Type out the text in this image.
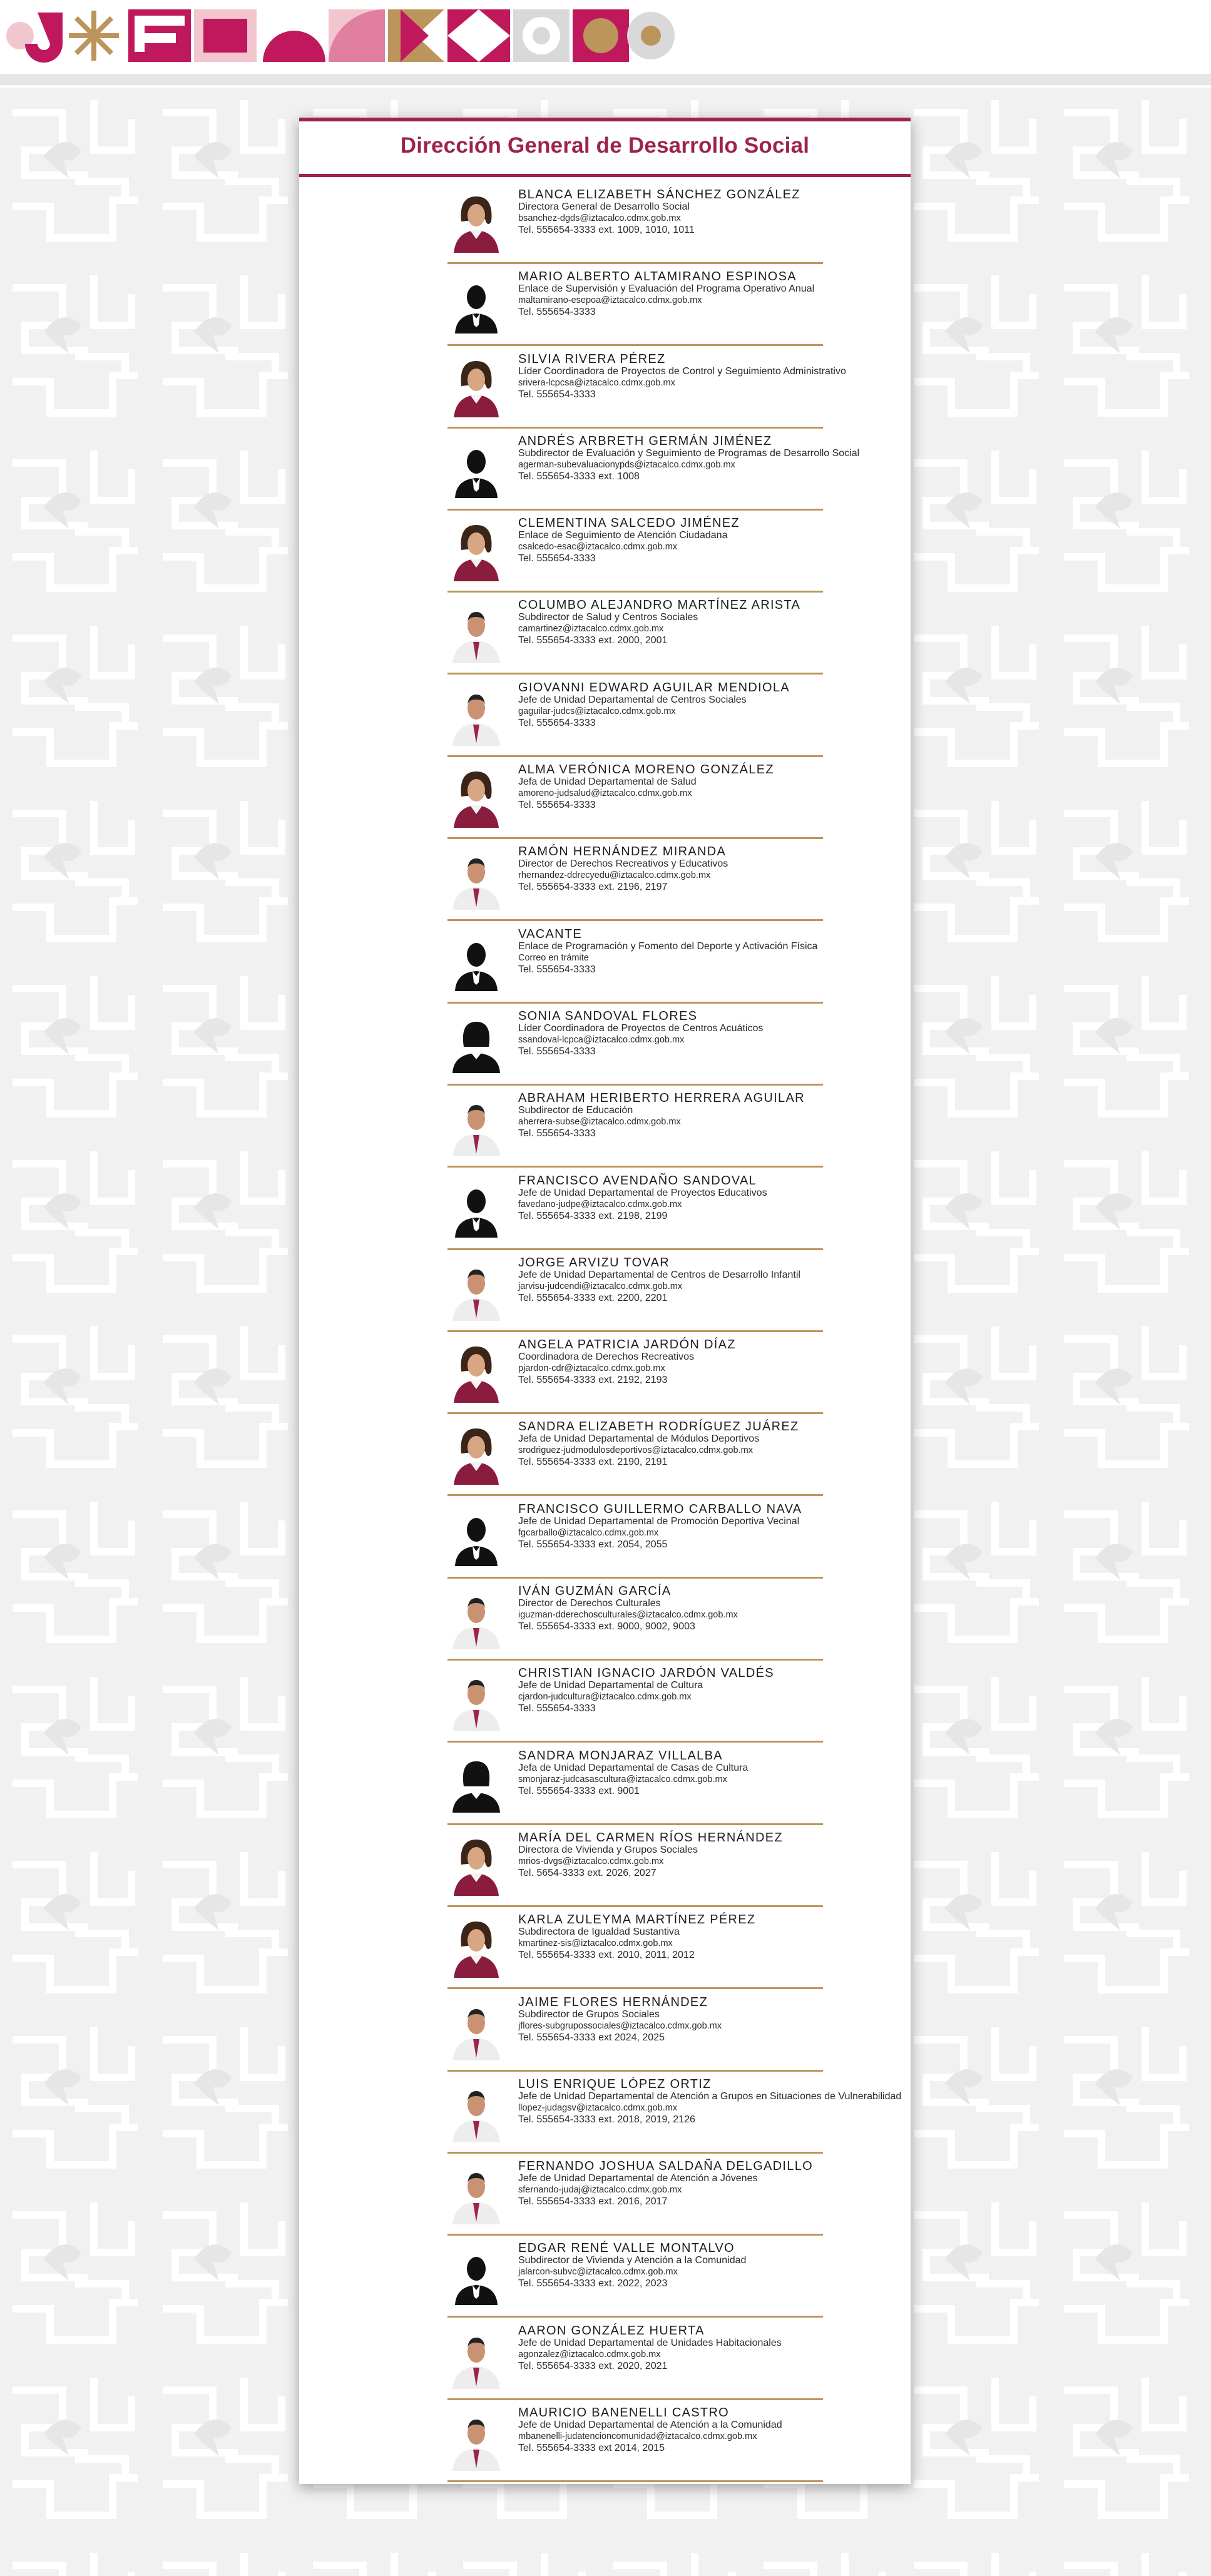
Dirección General de Desarrollo Social
BLANCA ELIZABETH SÁNCHEZ GONZÁLEZ
Directora General de Desarrollo Social
bsanchez-dgds@iztacalco.cdmx.gob.mx
Tel. 555654-3333 ext. 1009, 1010, 1011
MARIO ALBERTO ALTAMIRANO ESPINOSA
Enlace de Supervisión y Evaluación del Programa Operativo Anual
maltamirano-esepoa@iztacalco.cdmx.gob.mx
Tel. 555654-3333
SILVIA RIVERA PÉREZ
Líder Coordinadora de Proyectos de Control y Seguimiento Administrativo
srivera-lcpcsa@iztacalco.cdmx.gob.mx
Tel. 555654-3333
ANDRÉS ARBRETH GERMÁN JIMÉNEZ
Subdirector de Evaluación y Seguimiento de Programas de Desarrollo Social
agerman-subevaluacionypds@iztacalco.cdmx.gob.mx
Tel. 555654-3333 ext. 1008
CLEMENTINA SALCEDO JIMÉNEZ
Enlace de Seguimiento de Atención Ciudadana
csalcedo-esac@iztacalco.cdmx.gob.mx
Tel. 555654-3333
COLUMBO ALEJANDRO MARTÍNEZ ARISTA
Subdirector de Salud y Centros Sociales
camartinez@iztacalco.cdmx.gob.mx
Tel. 555654-3333 ext. 2000, 2001
GIOVANNI EDWARD AGUILAR MENDIOLA
Jefe de Unidad Departamental de Centros Sociales
gaguilar-judcs@iztacalco.cdmx.gob.mx
Tel. 555654-3333
ALMA VERÓNICA MORENO GONZÁLEZ
Jefa de Unidad Departamental de Salud
amoreno-judsalud@iztacalco.cdmx.gob.mx
Tel. 555654-3333
RAMÓN HERNÁNDEZ MIRANDA
Director de Derechos Recreativos y Educativos
rhernandez-ddrecyedu@iztacalco.cdmx.gob.mx
Tel. 555654-3333 ext. 2196, 2197
VACANTE
Enlace de Programación y Fomento del Deporte y Activación Física
Correo en trámite
Tel. 555654-3333
SONIA SANDOVAL FLORES
Líder Coordinadora de Proyectos de Centros Acuáticos
ssandoval-lcpca@iztacalco.cdmx.gob.mx
Tel. 555654-3333
ABRAHAM HERIBERTO HERRERA AGUILAR
Subdirector de Educación
aherrera-subse@iztacalco.cdmx.gob.mx
Tel. 555654-3333
FRANCISCO AVENDAÑO SANDOVAL
Jefe de Unidad Departamental de Proyectos Educativos
favedano-judpe@iztacalco.cdmx.gob.mx
Tel. 555654-3333 ext. 2198, 2199
JORGE ARVIZU TOVAR
Jefe de Unidad Departamental de Centros de Desarrollo Infantil
jarvisu-judcendi@iztacalco.cdmx.gob.mx
Tel. 555654-3333 ext. 2200, 2201
ANGELA PATRICIA JARDÓN DÍAZ
Coordinadora de Derechos Recreativos
pjardon-cdr@iztacalco.cdmx.gob.mx
Tel. 555654-3333 ext. 2192, 2193
SANDRA ELIZABETH RODRÍGUEZ JUÁREZ
Jefa de Unidad Departamental de Módulos Deportivos
srodriguez-judmodulosdeportivos@iztacalco.cdmx.gob.mx
Tel. 555654-3333 ext. 2190, 2191
FRANCISCO GUILLERMO CARBALLO NAVA
Jefe de Unidad Departamental de Promoción Deportiva Vecinal
fgcarballo@iztacalco.cdmx.gob.mx
Tel. 555654-3333 ext. 2054, 2055
IVÁN GUZMÁN GARCÍA
Director de Derechos Culturales
iguzman-dderechosculturales@iztacalco.cdmx.gob.mx
Tel. 555654-3333 ext. 9000, 9002, 9003
CHRISTIAN IGNACIO JARDÓN VALDÉS
Jefe de Unidad Departamental de Cultura
cjardon-judcultura@iztacalco.cdmx.gob.mx
Tel. 555654-3333
SANDRA MONJARAZ VILLALBA
Jefa de Unidad Departamental de Casas de Cultura
smonjaraz-judcasascultura@iztacalco.cdmx.gob.mx
Tel. 555654-3333 ext. 9001
MARÍA DEL CARMEN RÍOS HERNÁNDEZ
Directora de Vivienda y Grupos Sociales
mrios-dvgs@iztacalco.cdmx.gob.mx
Tel. 5654-3333 ext. 2026, 2027
KARLA ZULEYMA MARTÍNEZ PÉREZ
Subdirectora de Igualdad Sustantiva
kmartinez-sis@iztacalco.cdmx.gob.mx
Tel. 555654-3333 ext. 2010, 2011, 2012
JAIME FLORES HERNÁNDEZ
Subdirector de Grupos Sociales
jflores-subgrupossociales@iztacalco.cdmx.gob.mx
Tel. 555654-3333 ext 2024, 2025
LUIS ENRIQUE LÓPEZ ORTIZ
Jefe de Unidad Departamental de Atención a Grupos en Situaciones de Vulnerabilidad
llopez-judagsv@iztacalco.cdmx.gob.mx
Tel. 555654-3333 ext. 2018, 2019, 2126
FERNANDO JOSHUA SALDAÑA DELGADILLO
Jefe de Unidad Departamental de Atención a Jóvenes
sfernando-judaj@iztacalco.cdmx.gob.mx
Tel. 555654-3333 ext. 2016, 2017
EDGAR RENÉ VALLE MONTALVO
Subdirector de Vivienda y Atención a la Comunidad
jalarcon-subvc@iztacalco.cdmx.gob.mx
Tel. 555654-3333 ext. 2022, 2023
AARON GONZÁLEZ HUERTA
Jefe de Unidad Departamental de Unidades Habitacionales
agonzalez@iztacalco.cdmx.gob.mx
Tel. 555654-3333 ext. 2020, 2021
MAURICIO BANENELLI CASTRO
Jefe de Unidad Departamental de Atención a la Comunidad
mbanenelli-judatencioncomunidad@iztacalco.cdmx.gob.mx
Tel. 555654-3333 ext 2014, 2015
